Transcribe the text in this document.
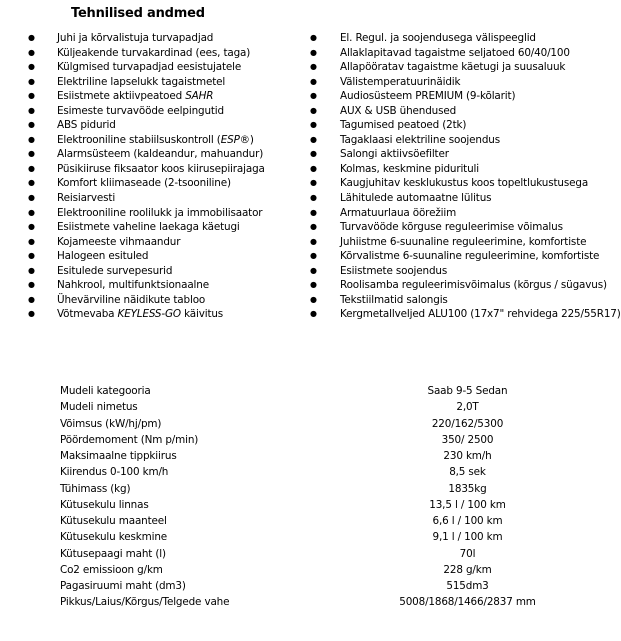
Tehnilised andmed
● Juhi ja kõrvalistuja turvapadjad
● Küljeakende turvakardinad (ees, taga)
● Külgmised turvapadjad eesistujatele
● Elektriline lapselukk tagaistmetel
● Esiistmete aktiivpeatoed SAHR
● Esimeste turvavööde eelpingutid
● ABS pidurid
● Elektrooniline stabiilsuskontroll (ESP®)
● Alarmsüsteem (kaldeandur, mahuandur)
● Püsikiiruse fiksaator koos kiirusepiirajaga
● Komfort kliimaseade (2-tsooniline)
● Reisiarvesti
● Elektrooniline roolilukk ja immobilisaator
● Esiistmete vaheline laekaga käetugi
● Kojameeste vihmaandur
● Halogeen esituled
● Esitulede survepesurid
● Nahkrool, multifunktsionaalne
● Ühevärviline näidikute tabloo
● Võtmevaba KEYLESS-GO käivitus
● El. Regul. ja soojendusega välispeeglid
● Allaklapitavad tagaistme seljatoed 60/40/100
● Allapööratav tagaistme käetugi ja suusaluuk
● Välistemperatuurinäidik
● Audiosüsteem PREMIUM (9-kõlarit)
● AUX & USB ühendused
● Tagumised peatoed (2tk)
● Tagaklaasi elektriline soojendus
● Salongi aktiivsöefilter
● Kolmas, keskmine piduritulі
● Kaugjuhitav kesklukustus koos topeltlukustusega
● Lähitulede automaatne lülitus
● Armatuurlaua öörežiim
● Turvavööde kõrguse reguleerimise võimalus
● Juhiistme 6-suunaline reguleerimine, komfortiste
● Kõrvalistme 6-suunaline reguleerimine, komfortiste
● Esiistmete soojendus
● Roolisamba reguleerimisvõimalus (kõrgus / sügavus)
● Tekstiilmatid salongis
● Kergmetallveljed ALU100 (17x7" rehvidega 225/55R17)
Mudeli kategooria	Saab 9-5 Sedan
Mudeli nimetus	2,0T
Võimsus (kW/hj/pm)	220/162/5300
Pöördemoment (Nm p/min)	350/ 2500
Maksimaalne tippkiirus	230 km/h
Kiirendus 0-100 km/h	8,5 sek
Tühimass (kg)	1835kg
Kütusekulu linnas	13,5 l / 100 km
Kütusekulu maanteel	6,6 l / 100 km
Kütusekulu keskmine	9,1 l / 100 km
Kütusepaagi maht (l)	70l
Co2 emissioon g/km	228 g/km
Pagasiruumi maht (dm3)	515dm3
Pikkus/Laius/Kõrgus/Telgede vahe	5008/1868/1466/2837 mm
